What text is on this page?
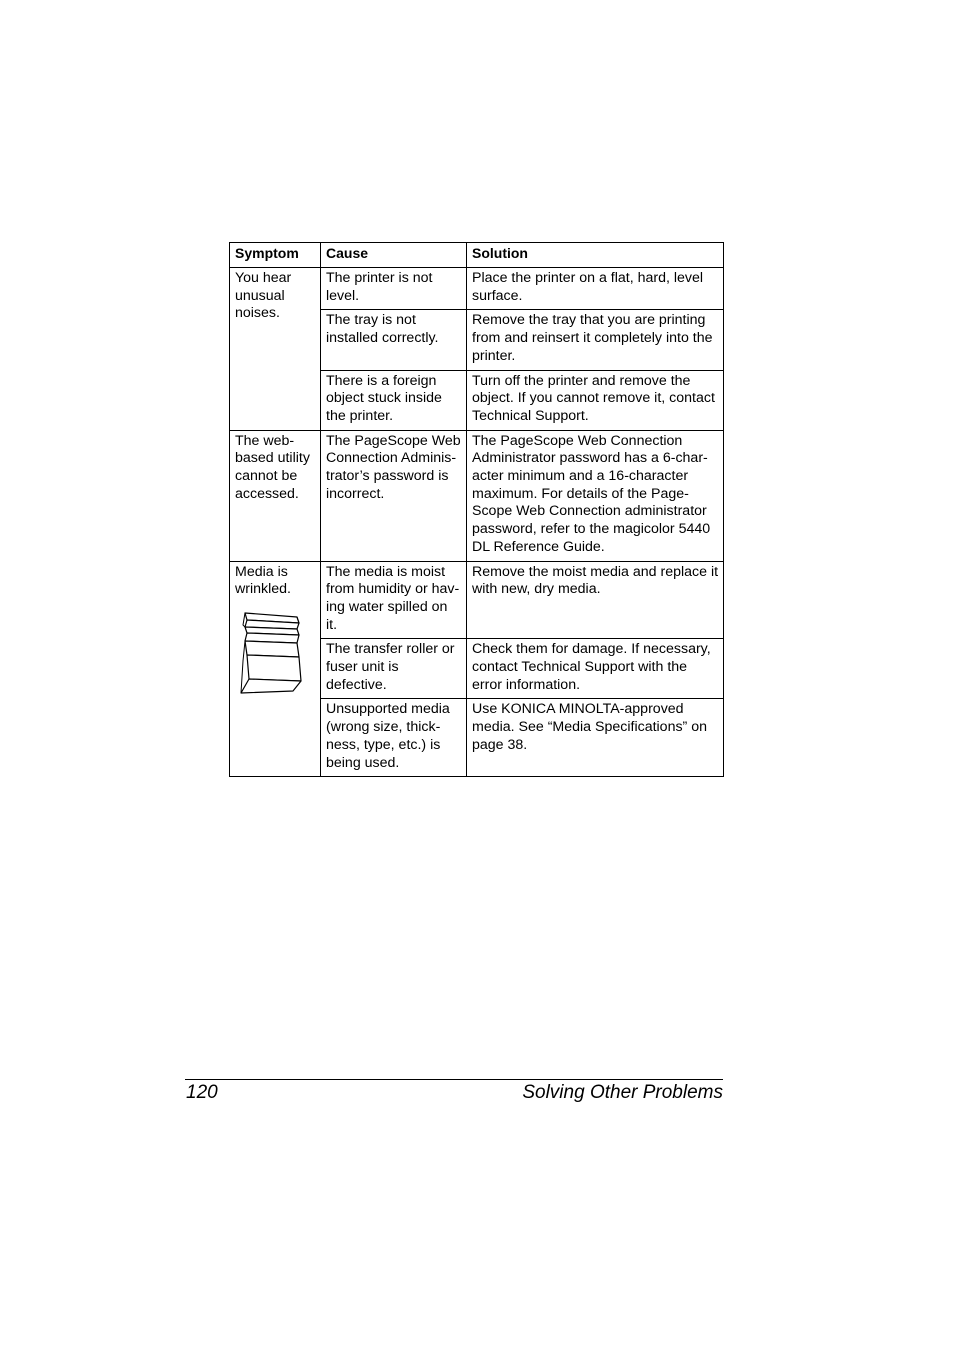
Symptom	Cause	Solution

You hear unusual noises.	The printer is not level.	Place the printer on a flat, hard, level surface.
	The tray is not installed correctly.	Remove the tray that you are printing from and reinsert it completely into the printer.
	There is a foreign object stuck inside the printer.	Turn off the printer and remove the object. If you cannot remove it, contact Technical Support.

The web-based utility cannot be accessed.	The PageScope Web Connection Adminis-trator’s password is incorrect.	The PageScope Web Connection Administrator password has a 6-char-acter minimum and a 16-character maximum. For details of the Page-Scope Web Connection administrator password, refer to the magicolor 5440 DL Reference Guide.

Media is wrinkled.	The media is moist from humidity or hav-ing water spilled on it.	Remove the moist media and replace it with new, dry media.
	The transfer roller or fuser unit is defective.	Check them for damage. If necessary, contact Technical Support with the error information.
	Unsupported media (wrong size, thick-ness, type, etc.) is being used.	Use KONICA MINOLTA-approved media. See “Media Specifications” on page 38.
120	Solving Other Problems
